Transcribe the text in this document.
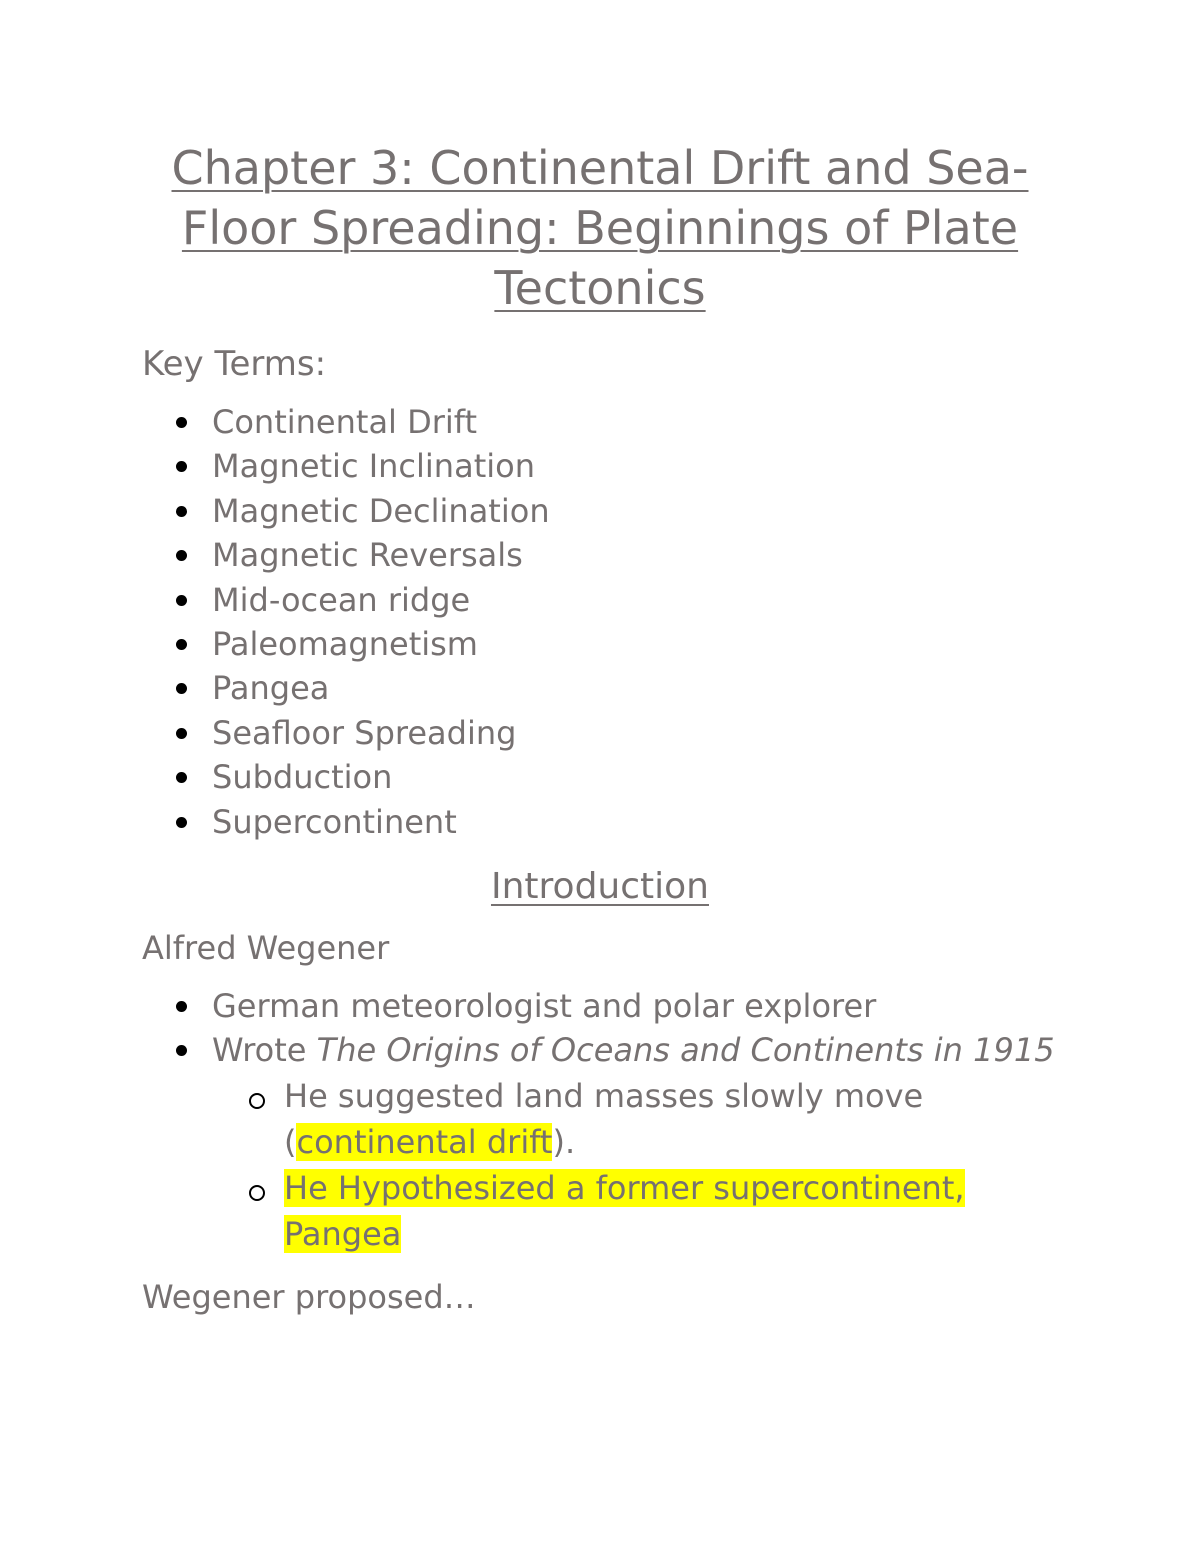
Chapter 3: Continental Drift and Sea-Floor Spreading: Beginnings of Plate Tectonics
Key Terms:
Continental Drift
Magnetic Inclination
Magnetic Declination
Magnetic Reversals
Mid-ocean ridge
Paleomagnetism
Pangea
Seafloor Spreading
Subduction
Supercontinent
Introduction
Alfred Wegener
German meteorologist and polar explorer
Wrote The Origins of Oceans and Continents in 1915
He suggested land masses slowly move (continental drift).
He Hypothesized a former supercontinent, Pangea
Wegener proposed…
